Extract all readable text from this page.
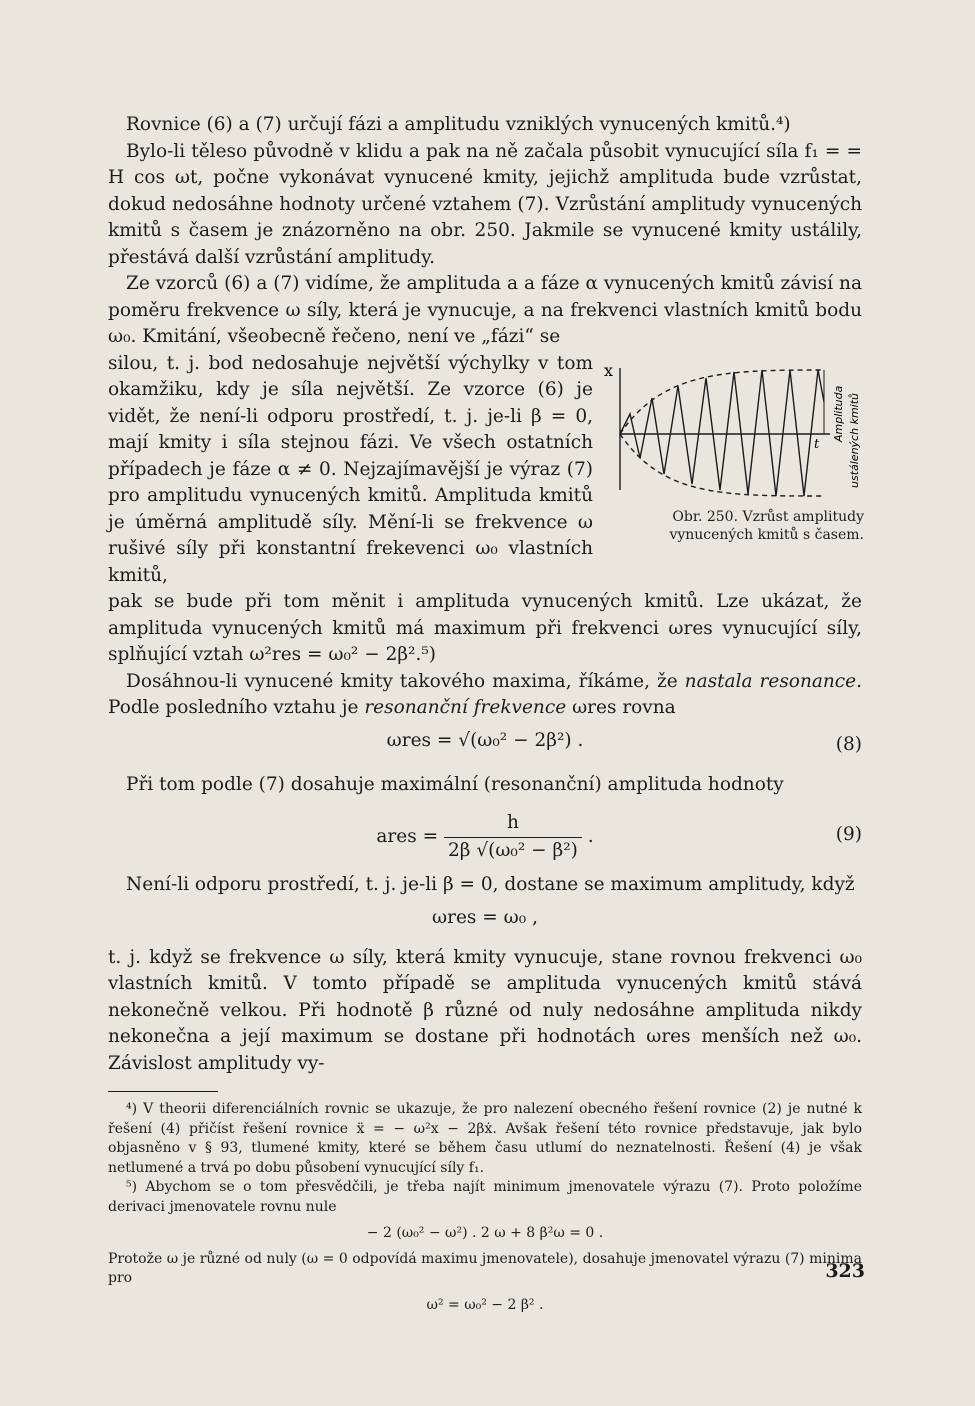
Rovnice (6) a (7) určují fázi a amplitudu vzniklých vynucených kmitů.⁴)

Bylo-li těleso původně v klidu a pak na ně začala působit vynucující síla f₁ = = H cos ωt, počne vykonávat vynucené kmity, jejichž amplituda bude vzrůstat, dokud nedosáhne hodnoty určené vztahem (7). Vzrůstání amplitudy vynucených kmitů s časem je znázorněno na obr. 250. Jakmile se vynucené kmity ustálily, přestává další vzrůstání amplitudy.

Ze vzorců (6) a (7) vidíme, že amplituda a a fáze α vynucených kmitů závisí na poměru frekvence ω síly, která je vynucuje, a na frekvenci vlastních kmitů bodu ω₀. Kmitání, všeobecně řečeno, není ve „fázi“ se

silou, t. j. bod nedosahuje největší výchylky v tom okamžiku, kdy je síla největší. Ze vzorce (6) je vidět, že není-li odporu prostředí, t. j. je-li β = 0, mají kmity i síla stejnou fázi. Ve všech ostatních případech je fáze α ≠ 0. Nejzajímavější je výraz (7) pro amplitudu vynucených kmitů. Amplituda kmitů je úměrná amplitudě síly. Mění-li se frekvence ω rušivé síly při konstantní frekevenci ω₀ vlastních kmitů,

pak se bude při tom měnit i amplituda vynucených kmitů. Lze ukázat, že amplituda vynucených kmitů má maximum při frekvenci ωres vynucující síly, splňující vztah ω²res = ω₀² − 2β².⁵)

Dosáhnou-li vynucené kmity takového maxima, říkáme, že nastala resonance. Podle posledního vztahu je resonanční frekvence ωres rovna

ωres = √(ω₀² − 2β²) .	(8)

Při tom podle (7) dosahuje maximální (resonanční) amplituda hodnoty

ares = $\frac{h}{\text{2β √(ω₀² − β²)}}$ .	(9)

Není-li odporu prostředí, t. j. je-li β = 0, dostane se maximum amplitudy, když

ωres = ω₀ ,

t. j. když se frekvence ω síly, která kmity vynucuje, stane rovnou frekvenci ω₀ vlastních kmitů. V tomto případě se amplituda vynucených kmitů stává nekonečně velkou. Při hodnotě β různé od nuly nedosáhne amplituda nikdy nekonečna a její maximum se dostane při hodnotách ωres menších než ω₀. Závislost amplitudy vy-

⁴) V theorii diferenciálních rovnic se ukazuje, že pro nalezení obecného řešení rovnice (2) je nutné k řešení (4) přičíst řešení rovnice ẍ = − ω²x − 2βẋ. Avšak řešení této rovnice představuje, jak bylo objasněno v § 93, tlumené kmity, které se během času utlumí do neznatelnosti. Řešení (4) je však netlumené a trvá po dobu působení vynucující síly f₁.

⁵) Abychom se o tom přesvědčili, je třeba najít minimum jmenovatele výrazu (7). Proto položíme derivaci jmenovatele rovnu nule

− 2 (ω₀² − ω²) . 2 ω + 8 β²ω = 0 .

Protože ω je různé od nuly (ω = 0 odpovídá maximu jmenovatele), dosahuje jmenovatel výrazu (7) minima pro

ω² = ω₀² − 2 β² .
x
t
Amplituda ustálených kmitů
Obr. 250. Vzrůst amplitudy vynucených kmitů s časem.
323
